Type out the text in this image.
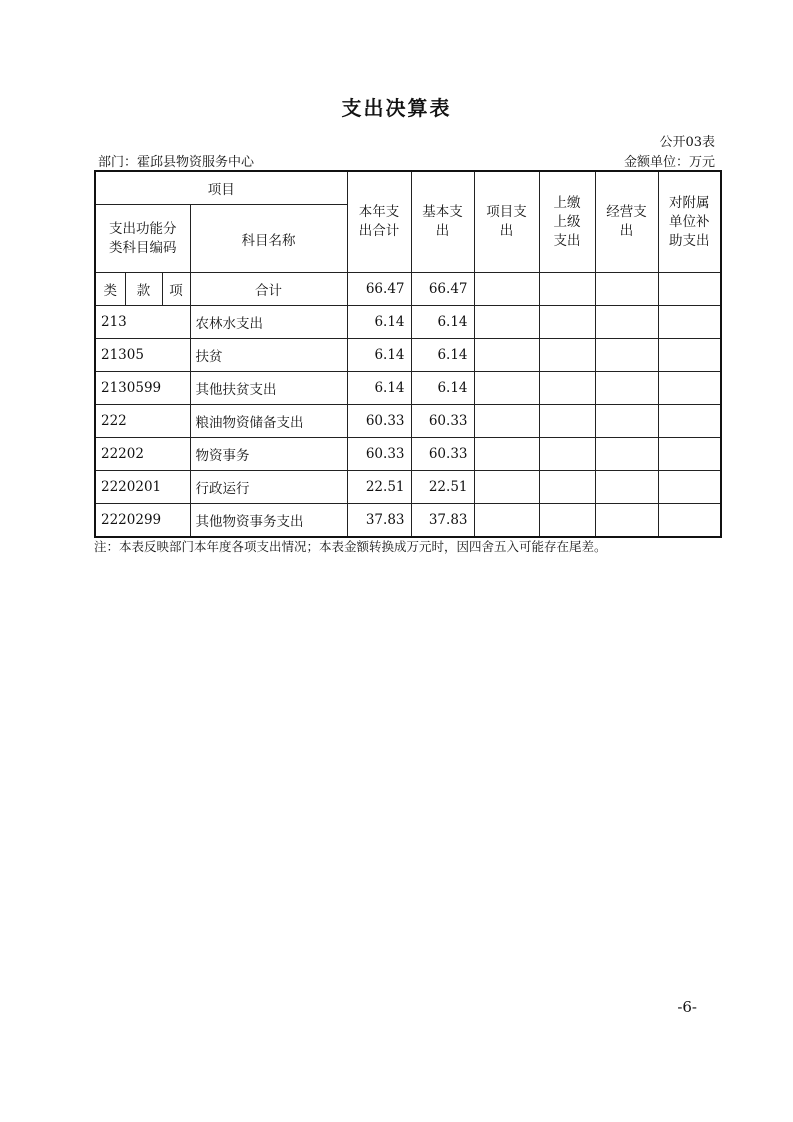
支出决算表
公开03表
部门：霍邱县物资服务中心	金额单位：万元
项目				本年支出合计	基本支出	项目支出	上缴上级支出	经营支出	对附属单位补助支出

支出功能分类科目编码			科目名称						
类	款	项	合计	66.47	66.47				
213			农林水支出	6.14	6.14				
21305			扶贫	6.14	6.14				
2130599			其他扶贫支出	6.14	6.14				
222			粮油物资储备支出	60.33	60.33				
22202			物资事务	60.33	60.33				
2220201			行政运行	22.51	22.51				
2220299			其他物资事务支出	37.83	37.83				
注：本表反映部门本年度各项支出情况；本表金额转换成万元时，因四舍五入可能存在尾差。
-6-
